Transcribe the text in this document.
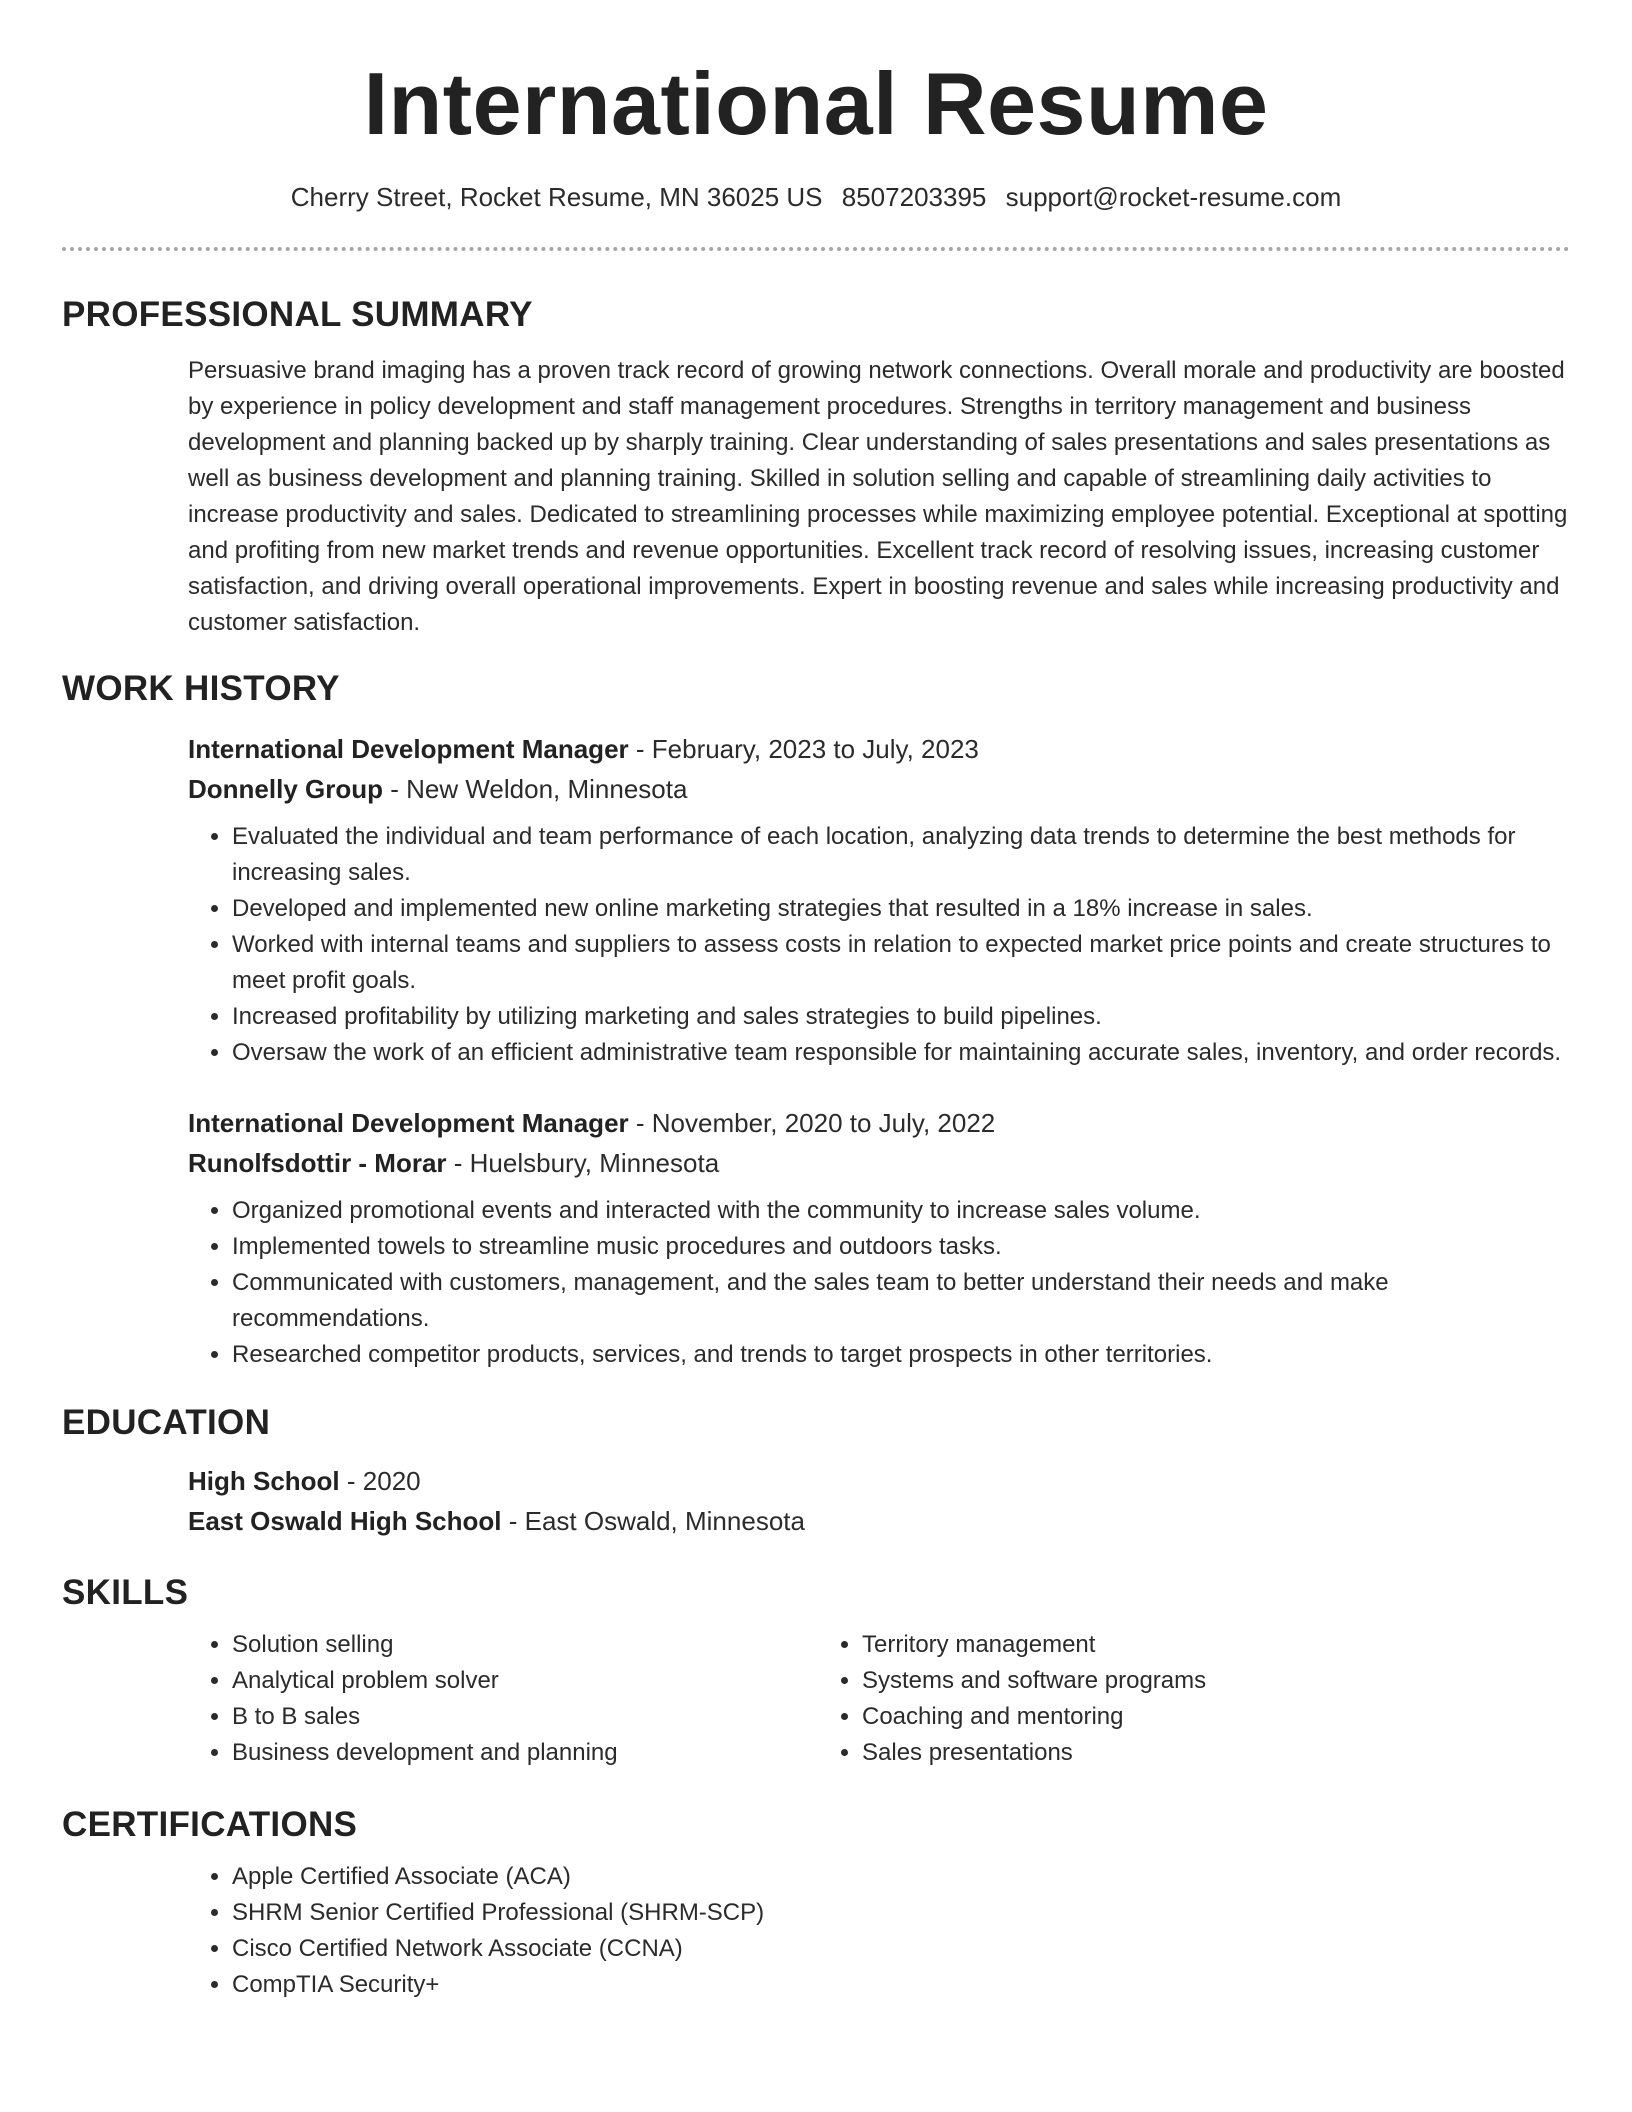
International Resume
Cherry Street, Rocket Resume, MN 36025 US 8507203395 support@rocket-resume.com
PROFESSIONAL SUMMARY

Persuasive brand imaging has a proven track record of growing network connections. Overall morale and productivity are boosted by experience in policy development and staff management procedures. Strengths in territory management and business development and planning backed up by sharply training. Clear understanding of sales presentations and sales presentations as well as business development and planning training. Skilled in solution selling and capable of streamlining daily activities to increase productivity and sales. Dedicated to streamlining processes while maximizing employee potential. Exceptional at spotting and profiting from new market trends and revenue opportunities. Excellent track record of resolving issues, increasing customer satisfaction, and driving overall operational improvements. Expert in boosting revenue and sales while increasing productivity and customer satisfaction.

WORK HISTORY
International Development Manager - February, 2023 to July, 2023
Donnelly Group - New Weldon, Minnesota
• Evaluated the individual and team performance of each location, analyzing data trends to determine the best methods for increasing sales.
• Developed and implemented new online marketing strategies that resulted in a 18% increase in sales.
• Worked with internal teams and suppliers to assess costs in relation to expected market price points and create structures to meet profit goals.
• Increased profitability by utilizing marketing and sales strategies to build pipelines.
• Oversaw the work of an efficient administrative team responsible for maintaining accurate sales, inventory, and order records.
International Development Manager - November, 2020 to July, 2022
Runolfsdottir - Morar - Huelsbury, Minnesota
• Organized promotional events and interacted with the community to increase sales volume.
• Implemented towels to streamline music procedures and outdoors tasks.
• Communicated with customers, management, and the sales team to better understand their needs and make recommendations.
• Researched competitor products, services, and trends to target prospects in other territories.
EDUCATION
High School - 2020
East Oswald High School - East Oswald, Minnesota
SKILLS
• Solution selling
• Analytical problem solver
• B to B sales
• Business development and planning
• Territory management
• Systems and software programs
• Coaching and mentoring
• Sales presentations
CERTIFICATIONS
• Apple Certified Associate (ACA)
• SHRM Senior Certified Professional (SHRM-SCP)
• Cisco Certified Network Associate (CCNA)
• CompTIA Security+
